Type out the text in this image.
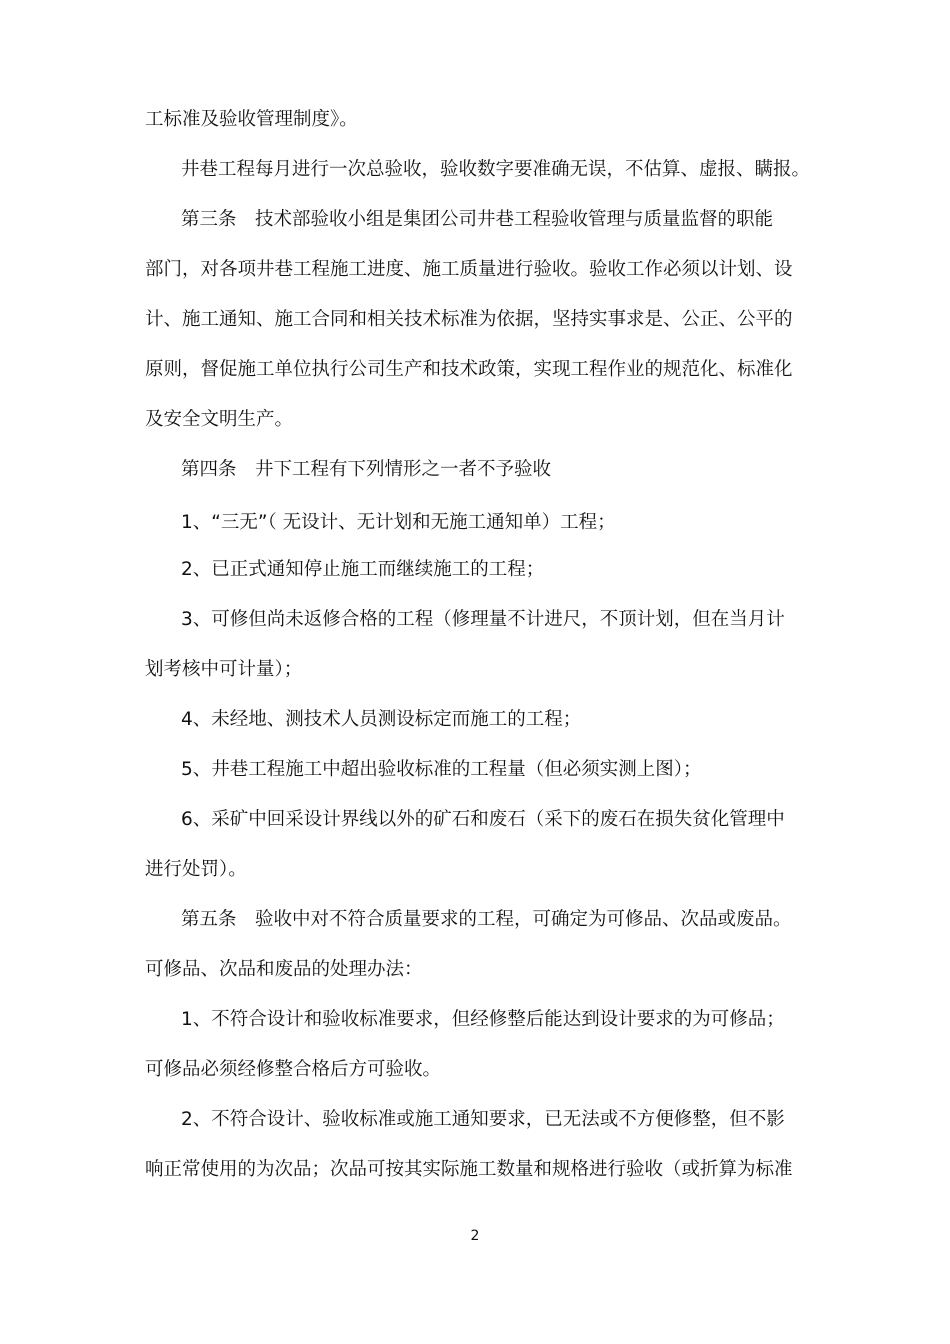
工标准及验收管理制度》。
井巷工程每月进行一次总验收，验收数字要准确无误，不估算、虚报、瞒报。
第三条　技术部验收小组是集团公司井巷工程验收管理与质量监督的职能
部门，对各项井巷工程施工进度、施工质量进行验收。验收工作必须以计划、设
计、施工通知、施工合同和相关技术标准为依据，坚持实事求是、公正、公平的
原则，督促施工单位执行公司生产和技术政策，实现工程作业的规范化、标准化
及安全文明生产。
第四条　井下工程有下列情形之一者不予验收
1、“三无”（ 无设计、无计划和无施工通知单）工程；
2、已正式通知停止施工而继续施工的工程；
3、可修但尚未返修合格的工程（修理量不计进尺，不顶计划，但在当月计
划考核中可计量）；
4、未经地、测技术人员测设标定而施工的工程；
5、井巷工程施工中超出验收标准的工程量（但必须实测上图）；
6、采矿中回采设计界线以外的矿石和废石（采下的废石在损失贫化管理中
进行处罚）。
第五条　验收中对不符合质量要求的工程，可确定为可修品、次品或废品。
可修品、次品和废品的处理办法：
1、不符合设计和验收标准要求，但经修整后能达到设计要求的为可修品；
可修品必须经修整合格后方可验收。
2、不符合设计、验收标准或施工通知要求，已无法或不方便修整，但不影
响正常使用的为次品；次品可按其实际施工数量和规格进行验收（或折算为标准
2
